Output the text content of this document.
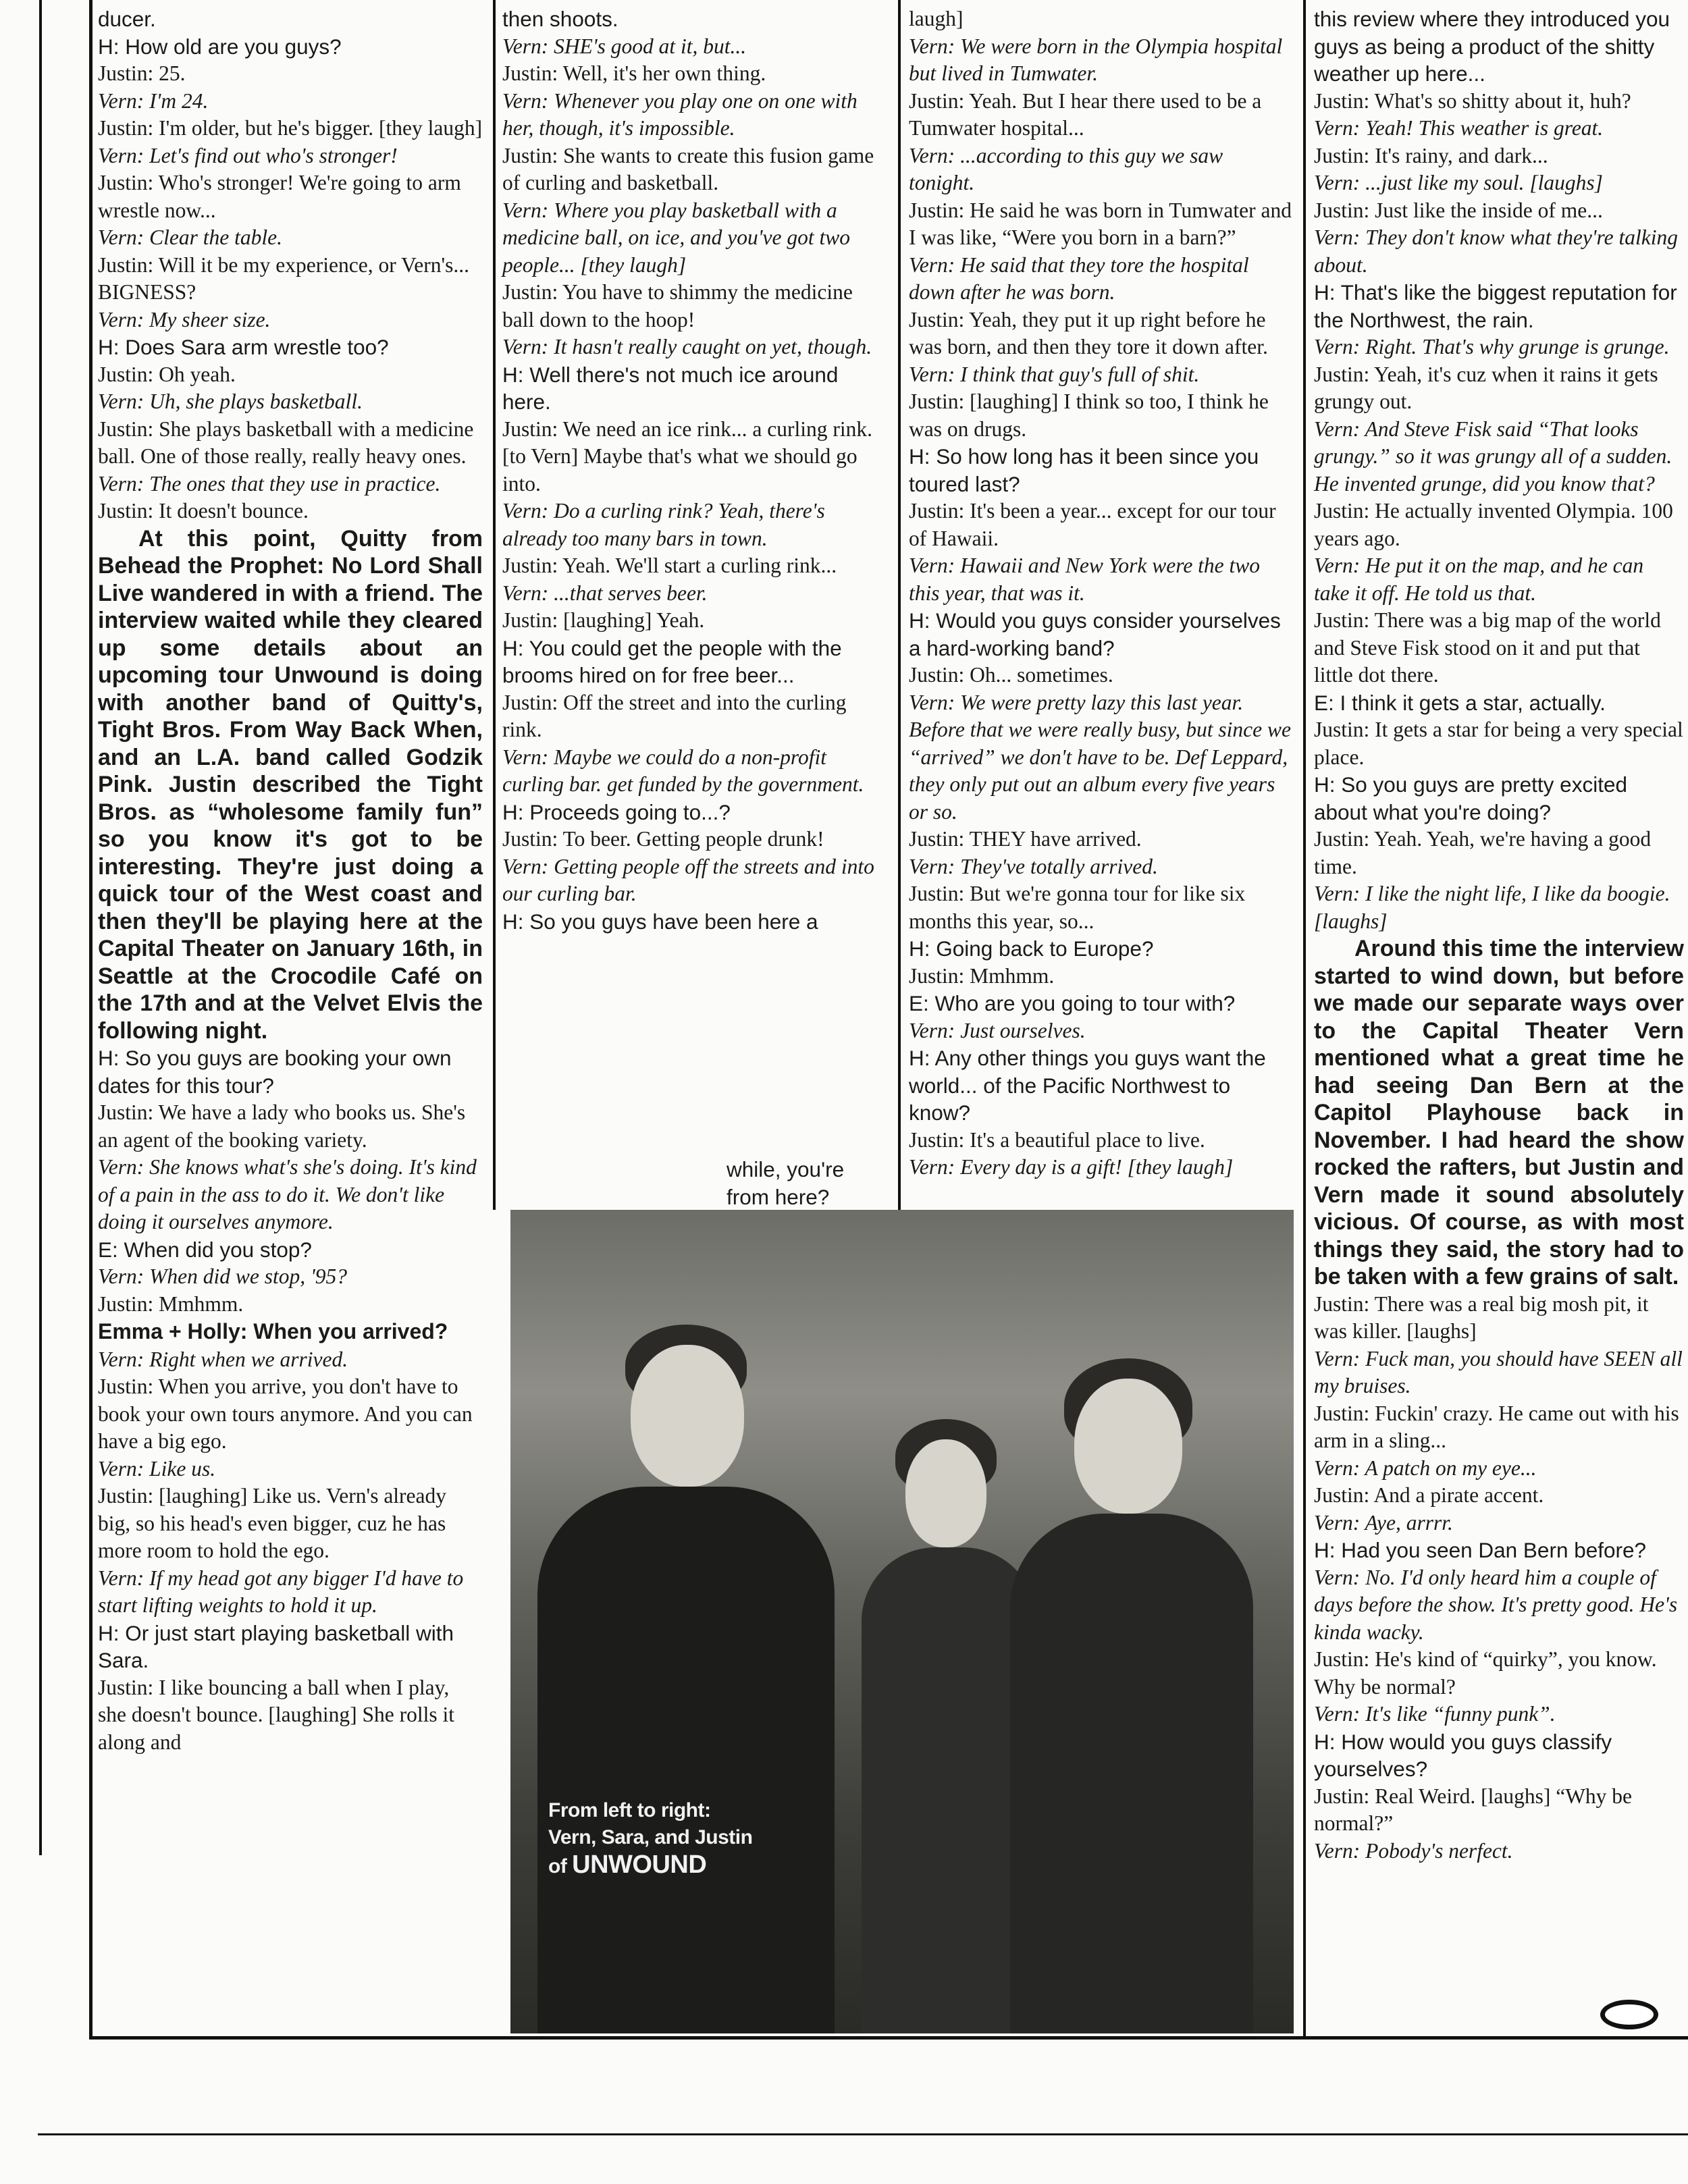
ducer.

H: How old are you guys?

Justin: 25.

Vern: I'm 24.

Justin: I'm older, but he's bigger. [they laugh]

Vern: Let's find out who's stronger!

Justin: Who's stronger! We're going to arm wrestle now...

Vern: Clear the table.

Justin: Will it be my experience, or Vern's... BIGNESS?

Vern: My sheer size.

H: Does Sara arm wrestle too?

Justin: Oh yeah.

Vern: Uh, she plays basketball.

Justin: She plays basketball with a medicine ball. One of those really, really heavy ones.

Vern: The ones that they use in practice.

Justin: It doesn't bounce.

At this point, Quitty from Behead the Prophet: No Lord Shall Live wandered in with a friend. The interview waited while they cleared up some details about an upcoming tour Unwound is doing with another band of Quitty's, Tight Bros. From Way Back When, and an L.A. band called Godzik Pink. Justin described the Tight Bros. as “wholesome family fun” so you know it's got to be interesting. They're just doing a quick tour of the West coast and then they'll be playing here at the Capital Theater on January 16th, in Seattle at the Crocodile Café on the 17th and at the Velvet Elvis the following night.

H: So you guys are booking your own dates for this tour?

Justin: We have a lady who books us. She's an agent of the booking variety.

Vern: She knows what's she's doing. It's kind of a pain in the ass to do it. We don't like doing it ourselves anymore.

E: When did you stop?

Vern: When did we stop, '95?

Justin: Mmhmm.

Emma + Holly: When you arrived?

Vern: Right when we arrived.

Justin: When you arrive, you don't have to book your own tours anymore. And you can have a big ego.

Vern: Like us.

Justin: [laughing] Like us. Vern's already big, so his head's even bigger, cuz he has more room to hold the ego.

Vern: If my head got any bigger I'd have to start lifting weights to hold it up.

H: Or just start playing basketball with Sara.

Justin: I like bouncing a ball when I play, she doesn't bounce. [laughing] She rolls it along and

then shoots.

Vern: SHE's good at it, but...

Justin: Well, it's her own thing.

Vern: Whenever you play one on one with her, though, it's impossible.

Justin: She wants to create this fusion game of curling and basketball.

Vern: Where you play basketball with a medicine ball, on ice, and you've got two people... [they laugh]

Justin: You have to shimmy the medicine ball down to the hoop!

Vern: It hasn't really caught on yet, though.

H: Well there's not much ice around here.

Justin: We need an ice rink... a curling rink. [to Vern] Maybe that's what we should go into.

Vern: Do a curling rink? Yeah, there's already too many bars in town.

Justin: Yeah. We'll start a curling rink...

Vern: ...that serves beer.

Justin: [laughing] Yeah.

H: You could get the people with the brooms hired on for free beer...

Justin: Off the street and into the curling rink.

Vern: Maybe we could do a non-profit curling bar. get funded by the government.

H: Proceeds going to...?

Justin: To beer. Getting people drunk!

Vern: Getting people off the streets and into our curling bar.

H: So you guys have been here a

while, you're from here?

laugh]

Vern: We were born in the Olympia hospital but lived in Tumwater.

Justin: Yeah. But I hear there used to be a Tumwater hospital...

Vern: ...according to this guy we saw tonight.

Justin: He said he was born in Tumwater and I was like, “Were you born in a barn?”

Vern: He said that they tore the hospital down after he was born.

Justin: Yeah, they put it up right before he was born, and then they tore it down after.

Vern: I think that guy's full of shit.

Justin: [laughing] I think so too, I think he was on drugs.

H: So how long has it been since you toured last?

Justin: It's been a year... except for our tour of Hawaii.

Vern: Hawaii and New York were the two this year, that was it.

H: Would you guys consider yourselves a hard-working band?

Justin: Oh... sometimes.

Vern: We were pretty lazy this last year. Before that we were really busy, but since we “arrived” we don't have to be. Def Leppard, they only put out an album every five years or so.

Justin: THEY have arrived.

Vern: They've totally arrived.

Justin: But we're gonna tour for like six months this year, so...

H: Going back to Europe?

Justin: Mmhmm.

E: Who are you going to tour with?

Vern: Just ourselves.

H: Any other things you guys want the world... of the Pacific Northwest to know?

Justin: It's a beautiful place to live.

Vern: Every day is a gift! [they laugh]

this review where they introduced you guys as being a product of the shitty weather up here...

Justin: What's so shitty about it, huh?

Vern: Yeah! This weather is great.

Justin: It's rainy, and dark...

Vern: ...just like my soul. [laughs]

Justin: Just like the inside of me...

Vern: They don't know what they're talking about.

H: That's like the biggest reputation for the Northwest, the rain.

Vern: Right. That's why grunge is grunge.

Justin: Yeah, it's cuz when it rains it gets grungy out.

Vern: And Steve Fisk said “That looks grungy.” so it was grungy all of a sudden. He invented grunge, did you know that?

Justin: He actually invented Olympia. 100 years ago.

Vern: He put it on the map, and he can take it off. He told us that.

Justin: There was a big map of the world and Steve Fisk stood on it and put that little dot there.

E: I think it gets a star, actually.

Justin: It gets a star for being a very special place.

H: So you guys are pretty excited about what you're doing?

Justin: Yeah. Yeah, we're having a good time.

Vern: I like the night life, I like da boogie. [laughs]

Around this time the interview started to wind down, but before we made our separate ways over to the Capital Theater Vern mentioned what a great time he had seeing Dan Bern at the Capitol Playhouse back in November. I had heard the show rocked the rafters, but Justin and Vern made it sound absolutely vicious. Of course, as with most things they said, the story had to be taken with a few grains of salt.

Justin: There was a real big mosh pit, it was killer. [laughs]

Vern: Fuck man, you should have SEEN all my bruises.

Justin: Fuckin' crazy. He came out with his arm in a sling...

Vern: A patch on my eye...

Justin: And a pirate accent.

Vern: Aye, arrrr.

H: Had you seen Dan Bern before?

Vern: No. I'd only heard him a couple of days before the show. It's pretty good. He's kinda wacky.

Justin: He's kind of “quirky”, you know. Why be normal?

Vern: It's like “funny punk”.

H: How would you guys classify yourselves?

Justin: Real Weird. [laughs] “Why be normal?”

Vern: Pobody's nerfect.

From left to right:
Vern, Sara, and Justin
of UNWOUND
